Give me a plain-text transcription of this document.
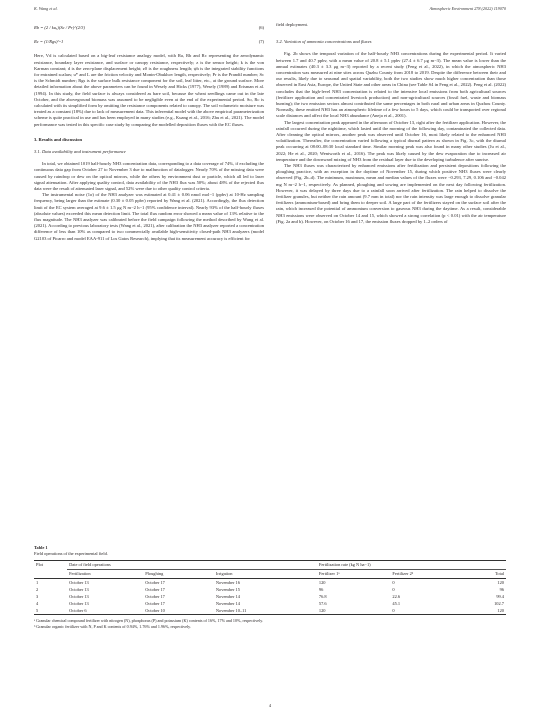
K. Wang et al.	Atmospheric Environment 278 (2022) 119070
Rb = (2 / kuₓ)(Sc / Pr)^(2/3)	(6)
Rc = (1/Rgs)^-1	(7)

Here, Vd is calculated based on a big-leaf resistance analogy model, with Ra, Rb and Rc representing the aerodynamic resistance, boundary layer resistance, and surface or canopy resistance, respectively; z is the sensor height; k is the von Karman constant; d is the zero-plane displacement height; z0 is the roughness length; ψh is the integrated stability functions for entrained scalars; u* and L are the friction velocity and Monin-Obukhov length, respectively; Pr is the Prandtl number; Sc is the Schmidt number; Rgs is the surface bulk resistance component for the soil, leaf litter, etc., at the ground surface. More detailed information about the above parameters can be found in Wesely and Hicks (1977), Wesely (1989) and Erisman et al. (1994). In this study, the field surface is always considered as bare soil, because the wheat seedlings came out in the late October, and the aboveground biomass was assumed to be negligible even at the end of the experimental period. So, Rc is calculated with its simplified form by omitting the resistance components related to canopy. The soil volumetric moisture was treated as a constant (18%) due to lack of measurement data. This inferential model with the above empirical parameterization scheme is quite practical in use and has been employed in many studies (e.g., Kuang et al., 2016; Zhu et al., 2021). The model performance was tested in this specific case study by comparing the modelled deposition fluxes with the EC fluxes.

3. Results and discussion
3.1. Data availability and instrument performance

In total, we obtained 1019 half-hourly NH3 concentration data, corresponding to a data coverage of 74%, if excluding the continuous data gap from October 27 to November 3 due to malfunction of datalogger. Nearly 70% of the missing data were caused by raindrop or dew on the optical mirrors, while the others by environment dust or particle, which all led to laser signal attenuation. After applying quality control, data availability of the NH3 flux was 50%; about 48% of the rejected flux data were the result of attenuated laser signal, and 52% were due to other quality control criteria.

The instrumental noise (1σ) of the NH3 analyzer was estimated at 0.41 ± 0.06 nmol mol−1 (ppbv) at 10-Hz sampling frequency, being larger than the estimate (0.30 ± 0.05 ppbv) reported by Wang et al. (2021). Accordingly, the flux detection limit of the EC system averaged at 9.6 ± 1.5 μg N m−2 h−1 (95% confidence interval). Nearly 93% of the half-hourly fluxes (absolute values) exceeded this mean detection limit. The total flux random error showed a mean value of 13% relative to the flux magnitude. The NH3 analyzer was calibrated before the field campaign following the method described by Wang et al. (2021). According to previous laboratory tests (Wang et al., 2021), after calibration the NH3 analyzer reported a concentration difference of less than 10% as compared to two commercially available high-sensitivity closed-path NH3 analyzers (model G2103 of Picarro and model EAA-911 of Los Gatos Research), implying that its measurement accuracy is efficient for

field deployment.

3.2. Variation of ammonia concentrations and fluxes

Fig. 2b shows the temporal variation of the half-hourly NH3 concentrations during the experimental period. It varied between 1.7 and 40.7 ppbv, with a mean value of 20.8 ± 5.1 ppbv (27.4 ± 6.7 μg m−3). The mean value is lower than the annual estimates (40.3 ± 3.3 μg m−3) reported by a recent study (Feng et al., 2022), in which the atmospheric NH3 concentration was measured at nine sites across Quzhu County from 2018 to 2019. Despite the difference between their and our results, likely due to seasonal and spatial variability, both the two studies show much higher concentration than those observed in East Asia, Europe, the United State and other areas in China (see Table S4 in Feng et al., 2022). Feng et al. (2022) concludes that the high-level NH3 concentration is related to the intensive local emissions from both agricultural sources (fertilizer application and concentrated livestock production) and non-agricultural sources (fossil fuel, waste and biomass burning); the two emission sectors almost contributed the same percentages in both rural and urban areas in Quzhou County. Normally, these emitted NH3 has an atmospheric lifetime of a few hours to 5 days, which could be transported over regional scale distances and affect the local NH3 abundance (Aneja et al., 2001).

The largest concentration peak appeared in the afternoon of October 13, right after the fertilizer application. However, the rainfall occurred during the nighttime, which lasted until the morning of the following day, contaminated the collected data. After cleaning the optical mirrors, another peak was observed until October 16, most likely related to the enhanced NH3 volatilization. Thereafter, the concentration varied following a typical diurnal pattern as shown in Fig. 3c, with the diurnal peak occurring at 08:00–08:30 local standard time. Similar morning peak was also found in many other studies (Ju et al., 2022; He et al., 2020; Wentworth et al., 2016). The peak was likely caused by the dew evaporation due to increased air temperature and the downward mixing of NH3 from the residual layer due to the developing turbulence after sunrise.

The NH3 fluxes was characterized by enhanced emissions after fertilization and persistent depositions following the ploughing practice, with an exception in the daytime of November 15, during which positive NH3 fluxes were clearly observed (Fig. 2b–d). The minimum, maximum, mean and median values of the fluxes were −0.293, 7.29, 0.106 and −0.042 mg N m−2 h−1, respectively. As planned, ploughing and sowing are implemented on the next day following fertilization. However, it was delayed by three days due to a rainfall soon arrived after fertilization. The rain helped to dissolve the fertilizer granules, but neither the rain amount (9.7 mm in total) nor the rain intensity was large enough to dissolve granular fertilizers (ammonium-based) and bring them to deeper soil. A large part of the fertilizers stayed on the surface soil after the rain, which increased the potential of ammonium conversion to gaseous NH3 during the daytime. As a result, considerable NH3 emissions were observed on October 14 and 15, which showed a strong correlation (p < 0.01) with the air temperature (Fig. 2a and b). However, on October 16 and 17, the emission fluxes dropped by 1–2 orders of

Table 1
Field operations of the experimental field.
Plot	Date of field operations			Fertilization rate (kg N ha−1)		
	Fertilization	Ploughing	Irrigation	Fertilizer 1ᵃ	Fertilizer 2ᵇ	Total
1	October 13	October 17	November 16	120	0	120
2	October 13	October 17	November 15	96	0	96
3	October 13	October 17	November 14	76.8	22.6	99.4
4	October 13	October 17	November 14	57.6	45.1	102.7
5	October 6	October 10	November 10–11	120	0	120
ᵃ Granular chemical compound fertilizer with nitrogen (N), phosphorus (P) and potassium (K) contents of 16%, 17% and 10%, respectively.
ᵇ Granular organic fertilizer with N, P and K contents of 0.94%, 1.76% and 1.96%, respectively.
4
